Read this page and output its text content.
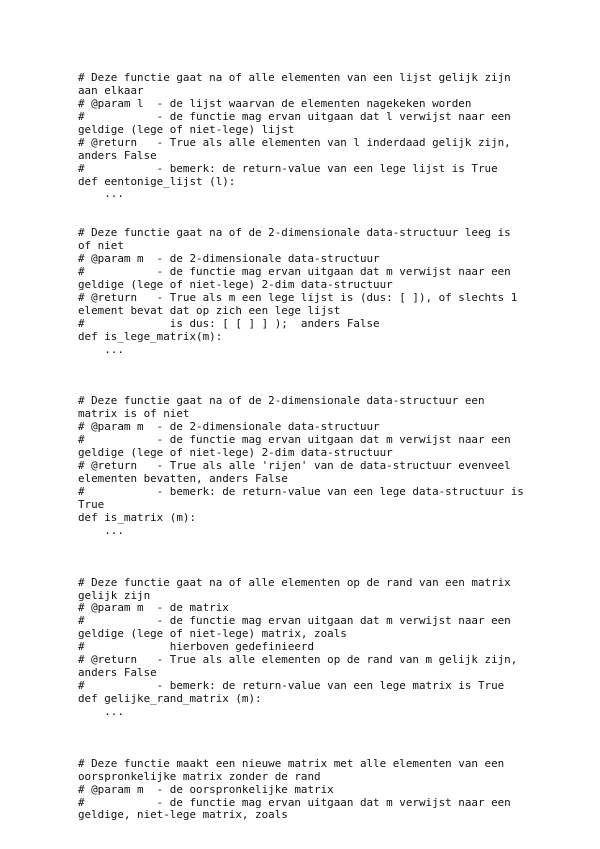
# Deze functie gaat na of alle elementen van een lijst gelijk zijn
aan elkaar
# @param l  - de lijst waarvan de elementen nagekeken worden
#           - de functie mag ervan uitgaan dat l verwijst naar een
geldige (lege of niet-lege) lijst
# @return   - True als alle elementen van l inderdaad gelijk zijn,
anders False
#           - bemerk: de return-value van een lege lijst is True
def eentonige_lijst (l):
...
# Deze functie gaat na of de 2-dimensionale data-structuur leeg is
of niet
# @param m  - de 2-dimensionale data-structuur
#           - de functie mag ervan uitgaan dat m verwijst naar een
geldige (lege of niet-lege) 2-dim data-structuur
# @return   - True als m een lege lijst is (dus: [ ]), of slechts 1
element bevat dat op zich een lege lijst
#             is dus: [ [ ] ] );  anders False
def is_lege_matrix(m):
...
# Deze functie gaat na of de 2-dimensionale data-structuur een
matrix is of niet
# @param m  - de 2-dimensionale data-structuur
#           - de functie mag ervan uitgaan dat m verwijst naar een
geldige (lege of niet-lege) 2-dim data-structuur
# @return   - True als alle 'rijen' van de data-structuur evenveel
elementen bevatten, anders False
#           - bemerk: de return-value van een lege data-structuur is
True
def is_matrix (m):
...
# Deze functie gaat na of alle elementen op de rand van een matrix
gelijk zijn
# @param m  - de matrix
#           - de functie mag ervan uitgaan dat m verwijst naar een
geldige (lege of niet-lege) matrix, zoals
#             hierboven gedefinieerd
# @return   - True als alle elementen op de rand van m gelijk zijn,
anders False
#           - bemerk: de return-value van een lege matrix is True
def gelijke_rand_matrix (m):
...
# Deze functie maakt een nieuwe matrix met alle elementen van een
oorspronkelijke matrix zonder de rand
# @param m  - de oorspronkelijke matrix
#           - de functie mag ervan uitgaan dat m verwijst naar een
geldige, niet-lege matrix, zoals
